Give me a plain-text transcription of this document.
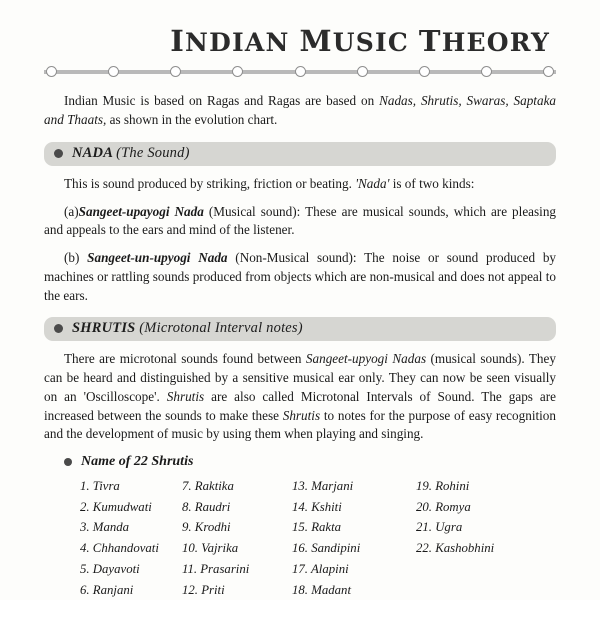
INDIAN MUSIC THEORY

Indian Music is based on Ragas and Ragas are based on Nadas, Shrutis, Swaras, Saptaka and Thaats, as shown in the evolution chart.

NADA (The Sound)

This is sound produced by striking, friction or beating. 'Nada' is of two kinds:

(a)Sangeet-upayogi Nada (Musical sound): These are musical sounds, which are pleasing and appeals to the ears and mind of the listener.

(b) Sangeet-un-upyogi Nada (Non-Musical sound): The noise or sound produced by machines or rattling sounds produced from objects which are non-musical and does not appeal to the ears.

SHRUTIS (Microtonal Interval notes)

There are microtonal sounds found between Sangeet-upyogi Nadas (musical sounds). They can be heard and distinguished by a sensitive musical ear only. They can now be seen visually on an 'Oscilloscope'. Shrutis are also called Microtonal Intervals of Sound. The gaps are increased between the sounds to make these Shrutis to notes for the purpose of easy recognition and the development of music by using them when playing and singing.

Name of 22 Shrutis
1. Tivra
2. Kumudwati
3. Manda
4. Chhandovati
5. Dayavoti
6. Ranjani
7. Raktika
8. Raudri
9. Krodhi
10. Vajrika
11. Prasarini
12. Priti
13. Marjani
14. Kshiti
15. Rakta
16. Sandipini
17. Alapini
18. Madant
19. Rohini
20. Romya
21. Ugra
22. Kashobhini
